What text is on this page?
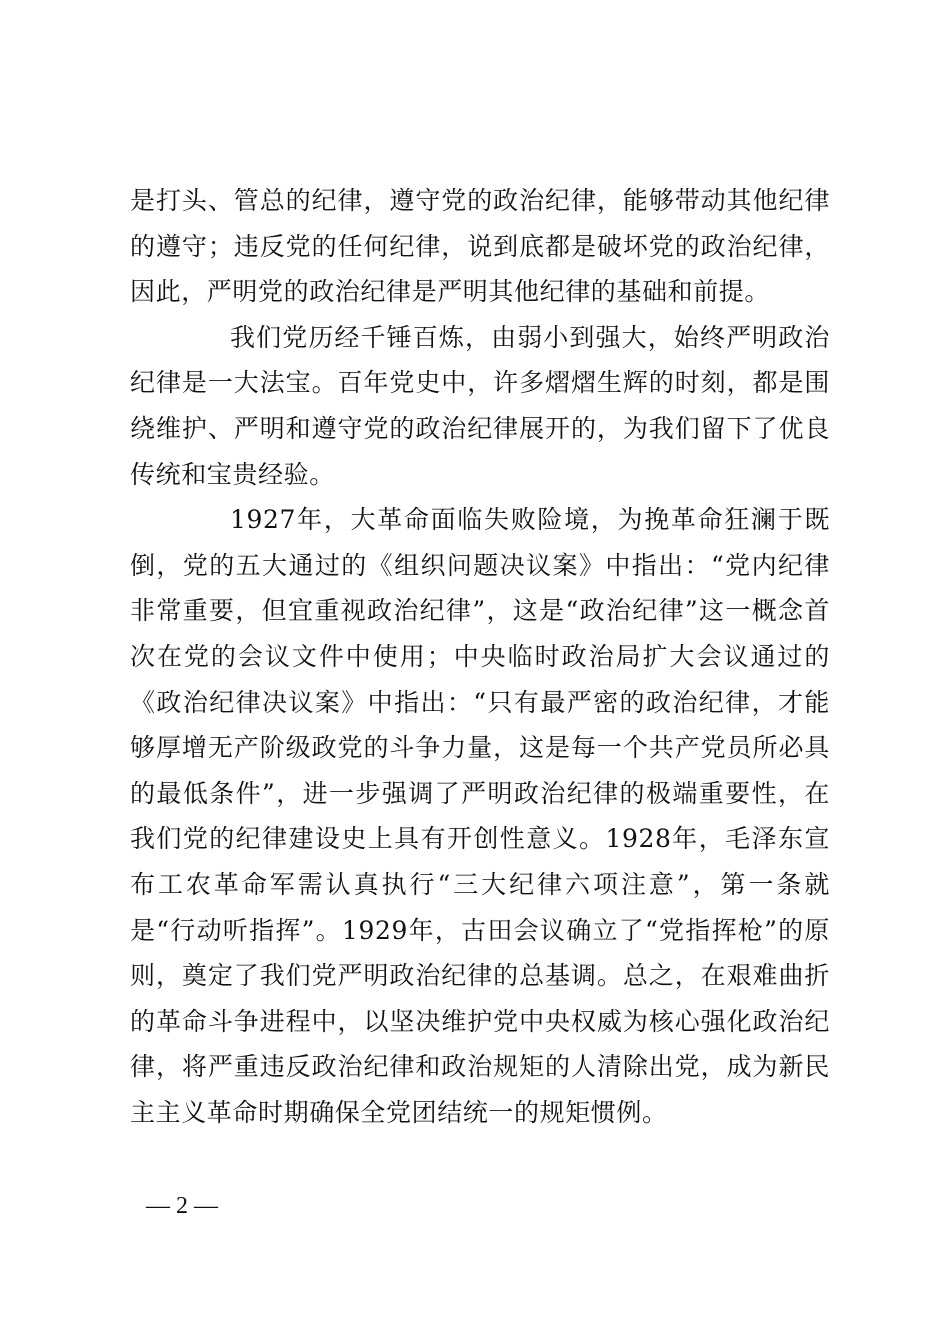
是打头、管总的纪律，遵守党的政治纪律，能够带动其他纪律的遵守；违反党的任何纪律，说到底都是破坏党的政治纪律，因此，严明党的政治纪律是严明其他纪律的基础和前提。

我们党历经千锤百炼，由弱小到强大，始终严明政治纪律是一大法宝。百年党史中，许多熠熠生辉的时刻，都是围绕维护、严明和遵守党的政治纪律展开的，为我们留下了优良传统和宝贵经验。

1927年，大革命面临失败险境，为挽革命狂澜于既倒，党的五大通过的《组织问题决议案》中指出：“党内纪律非常重要，但宜重视政治纪律”，这是“政治纪律”这一概念首次在党的会议文件中使用；中央临时政治局扩大会议通过的《政治纪律决议案》中指出：“只有最严密的政治纪律，才能够厚增无产阶级政党的斗争力量，这是每一个共产党员所必具的最低条件”，进一步强调了严明政治纪律的极端重要性，在我们党的纪律建设史上具有开创性意义。1928年，毛泽东宣布工农革命军需认真执行“三大纪律六项注意”，第一条就是“行动听指挥”。1929年，古田会议确立了“党指挥枪”的原则，奠定了我们党严明政治纪律的总基调。总之，在艰难曲折的革命斗争进程中，以坚决维护党中央权威为核心强化政治纪律，将严重违反政治纪律和政治规矩的人清除出党，成为新民主主义革命时期确保全党团结统一的规矩惯例。

— 2 —
